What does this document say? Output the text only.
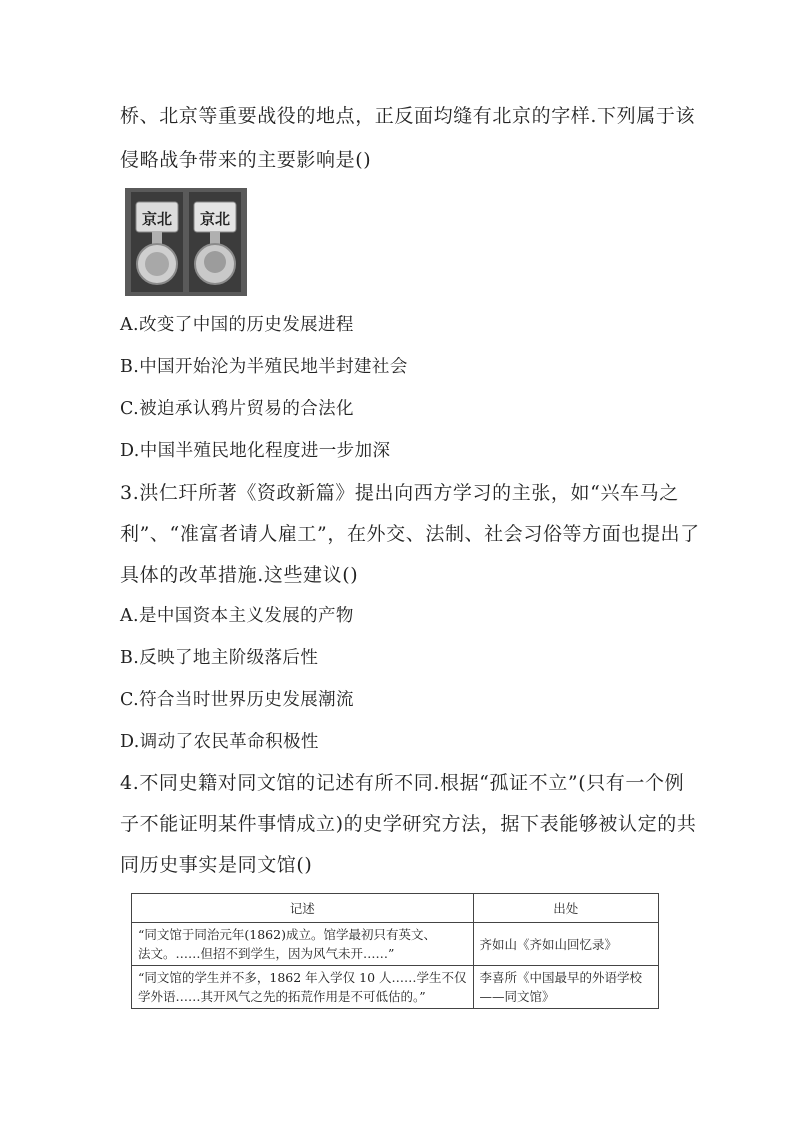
桥、北京等重要战役的地点，正反面均缝有北京的字样.下列属于该
侵略战争带来的主要影响是()
京北 京北
A.改变了中国的历史发展进程
B.中国开始沦为半殖民地半封建社会
C.被迫承认鸦片贸易的合法化
D.中国半殖民地化程度进一步加深
3.洪仁玕所著《资政新篇》提出向西方学习的主张，如“兴车马之
利”、“准富者请人雇工”，在外交、法制、社会习俗等方面也提出了
具体的改革措施.这些建议()
A.是中国资本主义发展的产物
B.反映了地主阶级落后性
C.符合当时世界历史发展潮流
D.调动了农民革命积极性
4.不同史籍对同文馆的记述有所不同.根据“孤证不立”(只有一个例
子不能证明某件事情成立)的史学研究方法，据下表能够被认定的共
同历史事实是同文馆()
记述	出处

“同文馆于同治元年(1862)成立。馆学最初只有英文、
法文。……但招不到学生，因为风气未开……”	齐如山《齐如山回忆录》

“同文馆的学生并不多，1862 年入学仅 10 人……学生不仅
学外语……其开风气之先的拓荒作用是不可低估的。”	李喜所《中国最早的外语学校
——同文馆》
